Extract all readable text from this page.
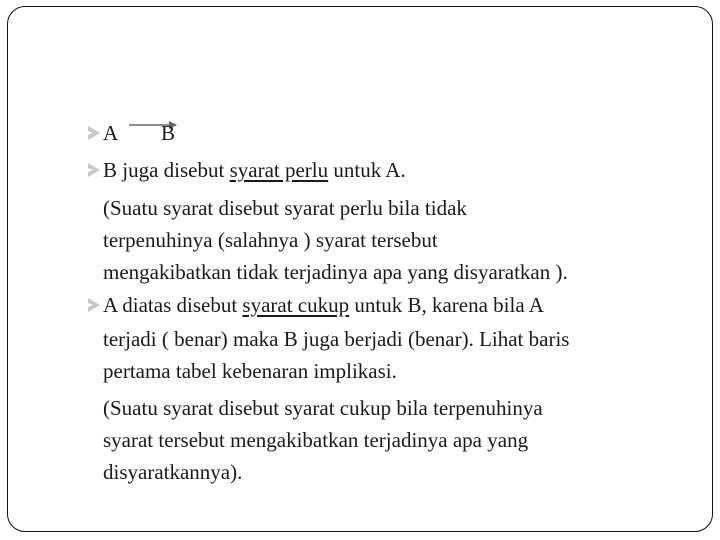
A B
B juga disebut syarat perlu untuk A.
(Suatu syarat disebut syarat perlu bila tidak
terpenuhinya (salahnya ) syarat tersebut
mengakibatkan tidak terjadinya apa yang disyaratkan ).
A diatas disebut syarat cukup untuk B, karena bila A
terjadi ( benar) maka B juga berjadi (benar). Lihat baris
pertama tabel kebenaran implikasi.
(Suatu syarat disebut syarat cukup bila terpenuhinya
syarat tersebut mengakibatkan terjadinya apa yang
disyaratkannya).
